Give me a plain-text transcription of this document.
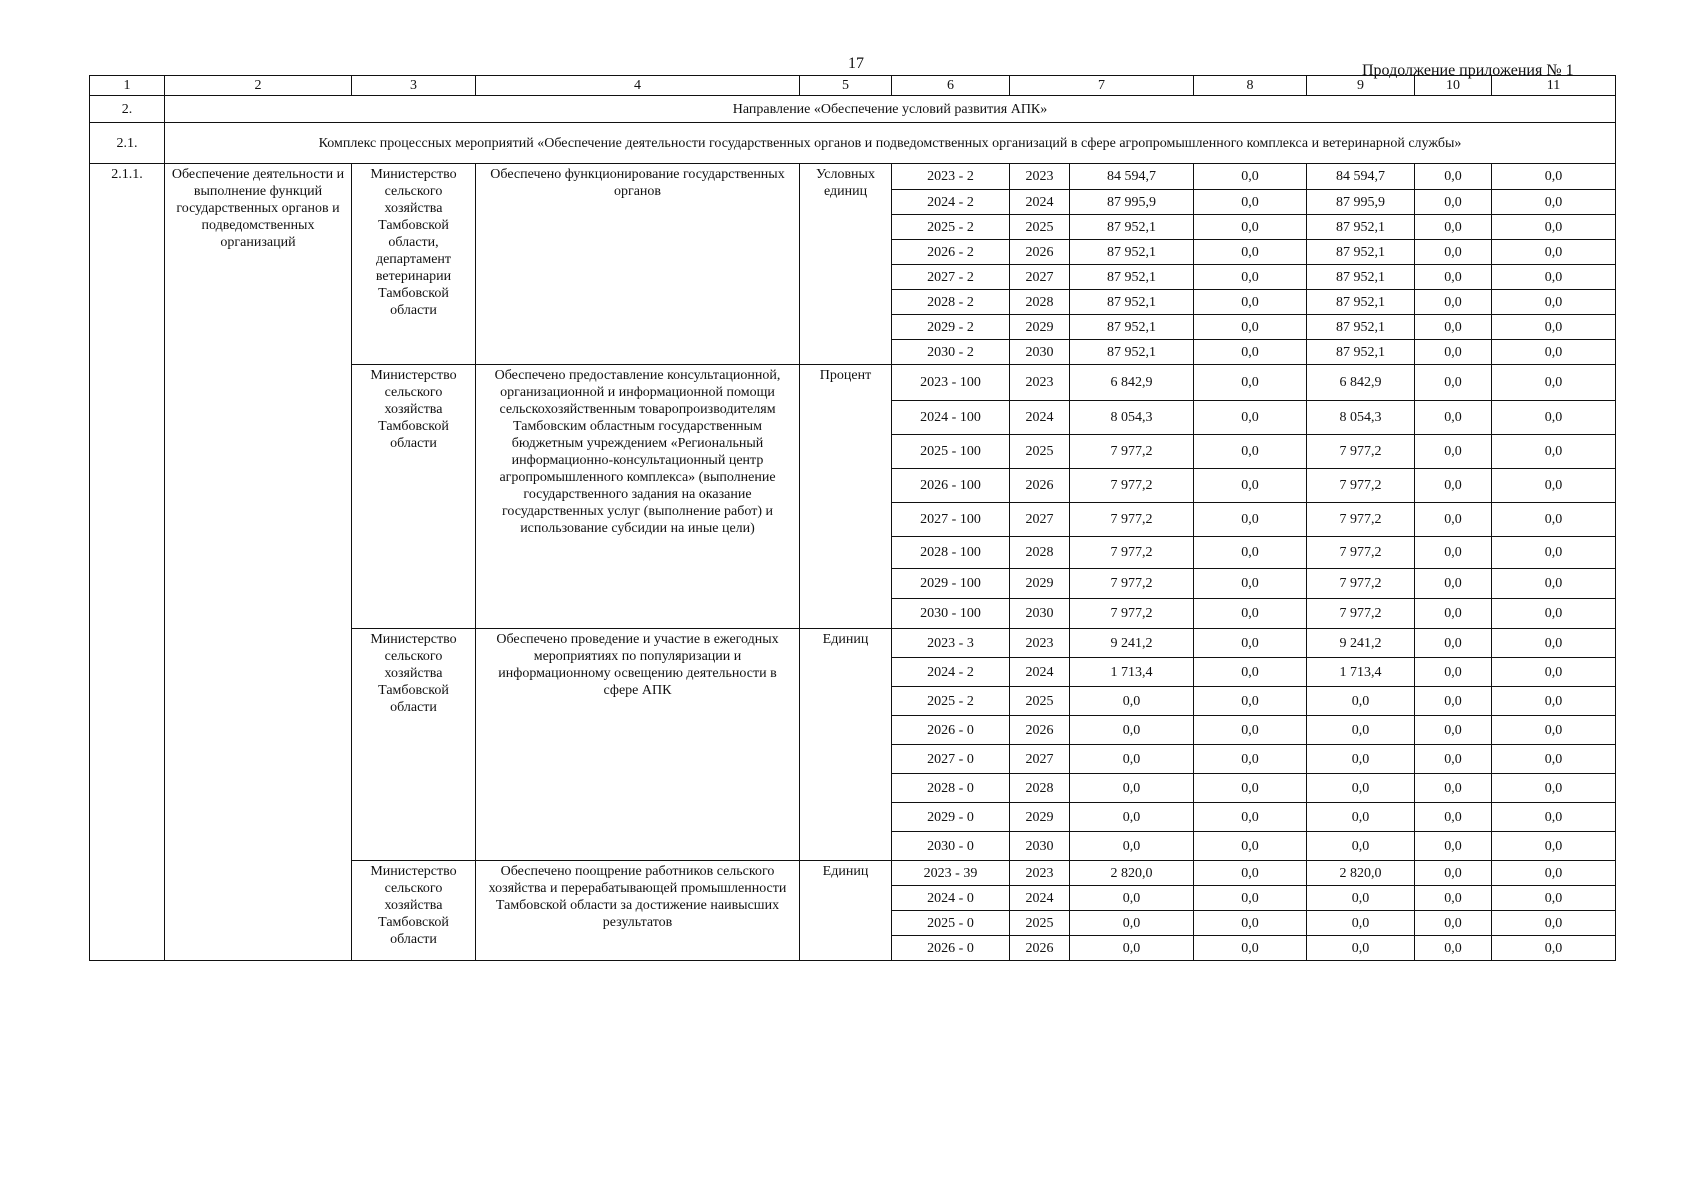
17	Продолжение приложения № 1
1	2	3	4	5	6	7		8	9	10	11
2.	Направление «Обеспечение условий развития АПК»										
2.1.	Комплекс процессных мероприятий «Обеспечение деятельности государственных органов и подведомственных организаций в сфере агропромышленного комплекса и ветеринарной службы»										
2.1.1.	Обеспечение деятельности и выполнение функций государственных органов и подведомственных организаций	Министерство сельского хозяйства Тамбовской области, департамент ветеринарии Тамбовской области	Обеспечено функционирование государственных органов	Условных единиц	2023 - 2	2023	84 594,7	0,0	84 594,7	0,0	0,0
					2024 - 2	2024	87 995,9	0,0	87 995,9	0,0	0,0
					2025 - 2	2025	87 952,1	0,0	87 952,1	0,0	0,0
					2026 - 2	2026	87 952,1	0,0	87 952,1	0,0	0,0
					2027 - 2	2027	87 952,1	0,0	87 952,1	0,0	0,0
					2028 - 2	2028	87 952,1	0,0	87 952,1	0,0	0,0
					2029 - 2	2029	87 952,1	0,0	87 952,1	0,0	0,0
					2030 - 2	2030	87 952,1	0,0	87 952,1	0,0	0,0
		Министерство сельского хозяйства Тамбовской области	Обеспечено предоставление консультационной, организационной и информационной помощи сельскохозяйственным товаропроизводителям Тамбовским областным государственным бюджетным учреждением «Региональный информационно-консультационный центр агропромышленного комплекса» (выполнение государственного задания на оказание государственных услуг (выполнение работ) и использование субсидии на иные цели)	Процент	2023 - 100	2023	6 842,9	0,0	6 842,9	0,0	0,0
					2024 - 100	2024	8 054,3	0,0	8 054,3	0,0	0,0
					2025 - 100	2025	7 977,2	0,0	7 977,2	0,0	0,0
					2026 - 100	2026	7 977,2	0,0	7 977,2	0,0	0,0
					2027 - 100	2027	7 977,2	0,0	7 977,2	0,0	0,0
					2028 - 100	2028	7 977,2	0,0	7 977,2	0,0	0,0
					2029 - 100	2029	7 977,2	0,0	7 977,2	0,0	0,0
					2030 - 100	2030	7 977,2	0,0	7 977,2	0,0	0,0
		Министерство сельского хозяйства Тамбовской области	Обеспечено проведение и участие в ежегодных мероприятиях по популяризации и информационному освещению деятельности в сфере АПК	Единиц	2023 - 3	2023	9 241,2	0,0	9 241,2	0,0	0,0
					2024 - 2	2024	1 713,4	0,0	1 713,4	0,0	0,0
					2025 - 2	2025	0,0	0,0	0,0	0,0	0,0
					2026 - 0	2026	0,0	0,0	0,0	0,0	0,0
					2027 - 0	2027	0,0	0,0	0,0	0,0	0,0
					2028 - 0	2028	0,0	0,0	0,0	0,0	0,0
					2029 - 0	2029	0,0	0,0	0,0	0,0	0,0
					2030 - 0	2030	0,0	0,0	0,0	0,0	0,0
		Министерство сельского хозяйства Тамбовской области	Обеспечено поощрение работников сельского хозяйства и перерабатывающей промышленности Тамбовской области за достижение наивысших результатов	Единиц	2023 - 39	2023	2 820,0	0,0	2 820,0	0,0	0,0
					2024 - 0	2024	0,0	0,0	0,0	0,0	0,0
					2025 - 0	2025	0,0	0,0	0,0	0,0	0,0
					2026 - 0	2026	0,0	0,0	0,0	0,0	0,0
